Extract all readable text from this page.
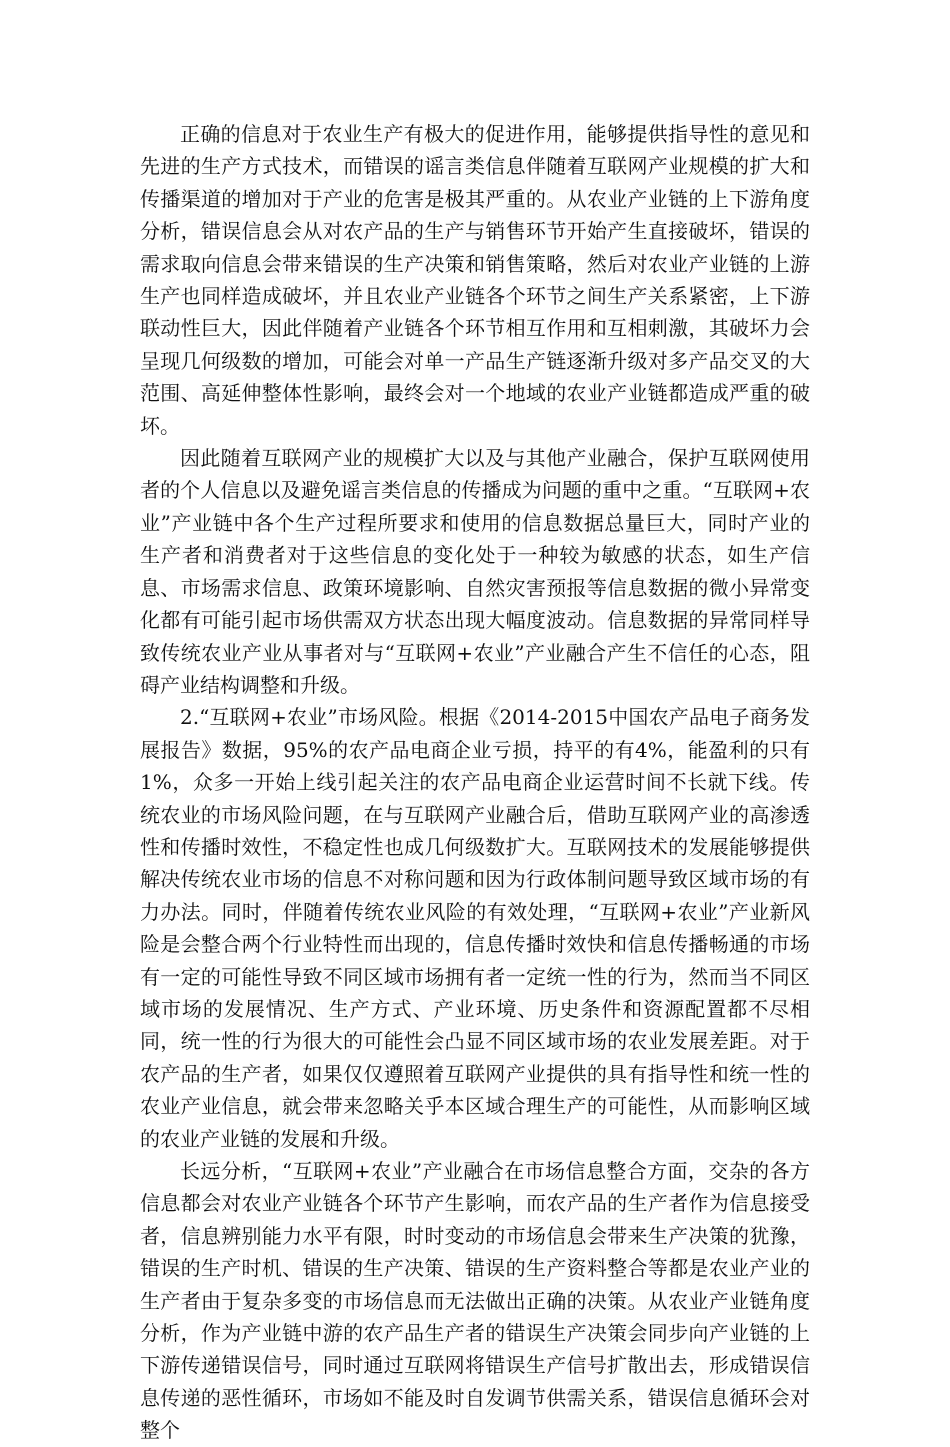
正确的信息对于农业生产有极大的促进作用，能够提供指导性的意见和先进的生产方式技术，而错误的谣言类信息伴随着互联网产业规模的扩大和传播渠道的增加对于产业的危害是极其严重的。从农业产业链的上下游角度分析，错误信息会从对农产品的生产与销售环节开始产生直接破坏，错误的需求取向信息会带来错误的生产决策和销售策略，然后对农业产业链的上游生产也同样造成破坏，并且农业产业链各个环节之间生产关系紧密，上下游联动性巨大，因此伴随着产业链各个环节相互作用和互相刺激，其破坏力会呈现几何级数的增加，可能会对单一产品生产链逐渐升级对多产品交叉的大范围、高延伸整体性影响，最终会对一个地域的农业产业链都造成严重的破坏。

因此随着互联网产业的规模扩大以及与其他产业融合，保护互联网使用者的个人信息以及避免谣言类信息的传播成为问题的重中之重。“互联网+农业”产业链中各个生产过程所要求和使用的信息数据总量巨大，同时产业的生产者和消费者对于这些信息的变化处于一种较为敏感的状态，如生产信息、市场需求信息、政策环境影响、自然灾害预报等信息数据的微小异常变化都有可能引起市场供需双方状态出现大幅度波动。信息数据的异常同样导致传统农业产业从事者对与“互联网+农业”产业融合产生不信任的心态，阻碍产业结构调整和升级。

2.“互联网+农业”市场风险。根据《2014-2015中国农产品电子商务发展报告》数据，95%的农产品电商企业亏损，持平的有4%，能盈利的只有1%，众多一开始上线引起关注的农产品电商企业运营时间不长就下线。传统农业的市场风险问题，在与互联网产业融合后，借助互联网产业的高渗透性和传播时效性，不稳定性也成几何级数扩大。互联网技术的发展能够提供解决传统农业市场的信息不对称问题和因为行政体制问题导致区域市场的有力办法。同时，伴随着传统农业风险的有效处理，“互联网+农业”产业新风险是会整合两个行业特性而出现的，信息传播时效快和信息传播畅通的市场有一定的可能性导致不同区域市场拥有者一定统一性的行为，然而当不同区域市场的发展情况、生产方式、产业环境、历史条件和资源配置都不尽相同，统一性的行为很大的可能性会凸显不同区域市场的农业发展差距。对于农产品的生产者，如果仅仅遵照着互联网产业提供的具有指导性和统一性的农业产业信息，就会带来忽略关乎本区域合理生产的可能性，从而影响区域的农业产业链的发展和升级。

长远分析，“互联网+农业”产业融合在市场信息整合方面，交杂的各方信息都会对农业产业链各个环节产生影响，而农产品的生产者作为信息接受者，信息辨别能力水平有限，时时变动的市场信息会带来生产决策的犹豫，错误的生产时机、错误的生产决策、错误的生产资料整合等都是农业产业的生产者由于复杂多变的市场信息而无法做出正确的决策。从农业产业链角度分析，作为产业链中游的农产品生产者的错误生产决策会同步向产业链的上下游传递错误信号，同时通过互联网将错误生产信号扩散出去，形成错误信息传递的恶性循环，市场如不能及时自发调节供需关系，错误信息循环会对整个
